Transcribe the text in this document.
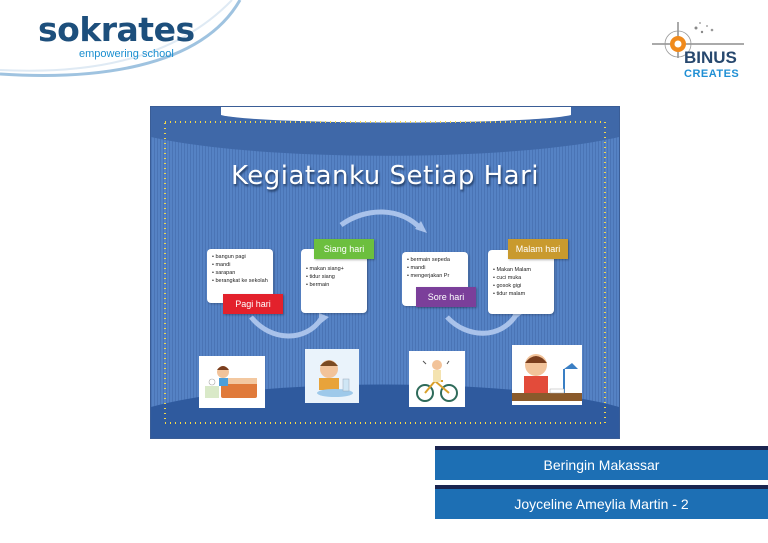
sokrates
empowering school	BINUS
CREATES
Kegiatanku Setiap Hari
• bangun pagi
• mandi
• sarapan
• berangkat ke sekolah
Pagi hari
• makan siang+
• tidur siang
• bermain
Siang hari
• bermain sepeda
• mandi
• mengerjakan Pr
Sore hari
• Makan Malam
• cuci muka
• gosok gigi
• tidur malam
Malam hari
Beringin Makassar
Joyceline Ameylia Martin - 2
